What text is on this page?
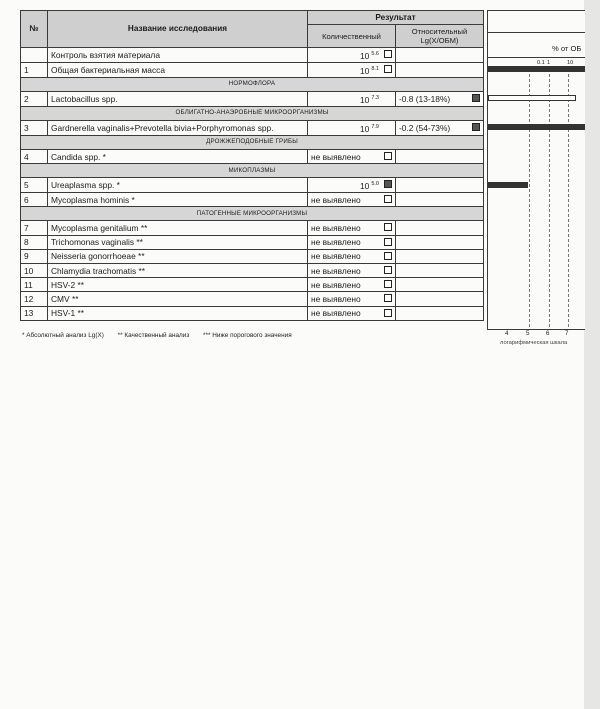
№	Название исследования	Результат	
		Количественный	Относительный
Lg(X/ОБМ)
	Контроль взятия материала	10 $^{5.6}$

1	Общая бактериальная масса	10 $^{8.1}$

НОРМОФЛОРА			
2	Lactobacillus spp.	10 $^{7.3}$	-0.8 (13-18%)

ОБЛИГАТНО-АНАЭРОБНЫЕ МИКРООРГАНИЗМЫ			
3	Gardnerella vaginalis+Prevotella bivia+Porphyromonas spp.	10 $^{7.9}$	-0.2 (54-73%)

ДРОЖЖЕПОДОБНЫЕ ГРИБЫ			
4	Candida spp. *	не выявлено

МИКОПЛАЗМЫ			
5	Ureaplasma spp. *	10 $^{5.0}$

6	Mycoplasma hominis *	не выявлено

ПАТОГЕННЫЕ МИКРООРГАНИЗМЫ			
7	Mycoplasma genitalium **	не выявлено

8	Trichomonas vaginalis **	не выявлено

9	Neisseria gonorrhoeae **	не выявлено

10	Chlamydia trachomatis **	не выявлено

11	HSV-2 **	не выявлено

12	CMV **	не выявлено

13	HSV-1 **	не выявлено

% от ОБ
0.1 1	10
* Абсолютный анализ Lg(X) ** Качественный анализ *** Ниже порогового значения
логарифмическая шкала
4	5	6	7
